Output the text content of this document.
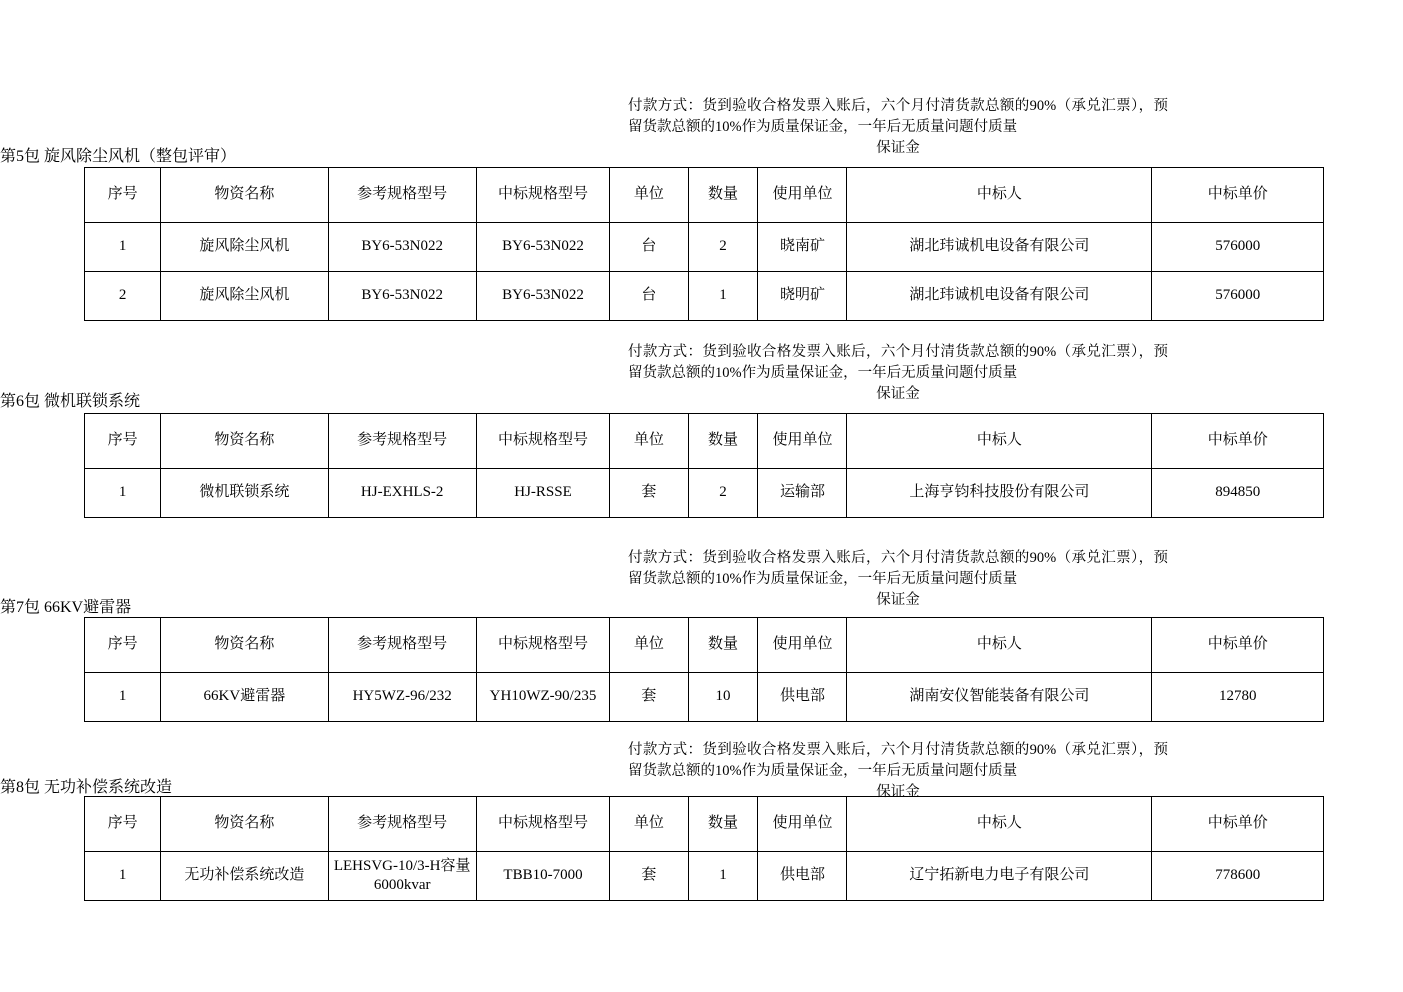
付款方式：货到验收合格发票入账后，六个月付清货款总额的90%（承兑汇票），预留货款总额的10%作为质量保证金，一年后无质量问题付质量
保证金
第5包 旋风除尘风机（整包评审）
序号	物资名称	参考规格型号	中标规格型号	单位	数量	使用单位	中标人	中标单价
1	旋风除尘风机	BY6-53N022	BY6-53N022	台	2	晓南矿	湖北玮诚机电设备有限公司	576000
2	旋风除尘风机	BY6-53N022	BY6-53N022	台	1	晓明矿	湖北玮诚机电设备有限公司	576000
付款方式：货到验收合格发票入账后，六个月付清货款总额的90%（承兑汇票），预留货款总额的10%作为质量保证金，一年后无质量问题付质量
保证金
第6包 微机联锁系统
序号	物资名称	参考规格型号	中标规格型号	单位	数量	使用单位	中标人	中标单价
1	微机联锁系统	HJ-EXHLS-2	HJ-RSSE	套	2	运输部	上海亨钧科技股份有限公司	894850
付款方式：货到验收合格发票入账后，六个月付清货款总额的90%（承兑汇票），预留货款总额的10%作为质量保证金，一年后无质量问题付质量
保证金
第7包 66KV避雷器
序号	物资名称	参考规格型号	中标规格型号	单位	数量	使用单位	中标人	中标单价
1	66KV避雷器	HY5WZ-96/232	YH10WZ-90/235	套	10	供电部	湖南安仪智能装备有限公司	12780
付款方式：货到验收合格发票入账后，六个月付清货款总额的90%（承兑汇票），预留货款总额的10%作为质量保证金，一年后无质量问题付质量
保证金
第8包 无功补偿系统改造
序号	物资名称	参考规格型号	中标规格型号	单位	数量	使用单位	中标人	中标单价
1	无功补偿系统改造	LEHSVG-10/3-H容量6000kvar	TBB10-7000	套	1	供电部	辽宁拓新电力电子有限公司	778600
